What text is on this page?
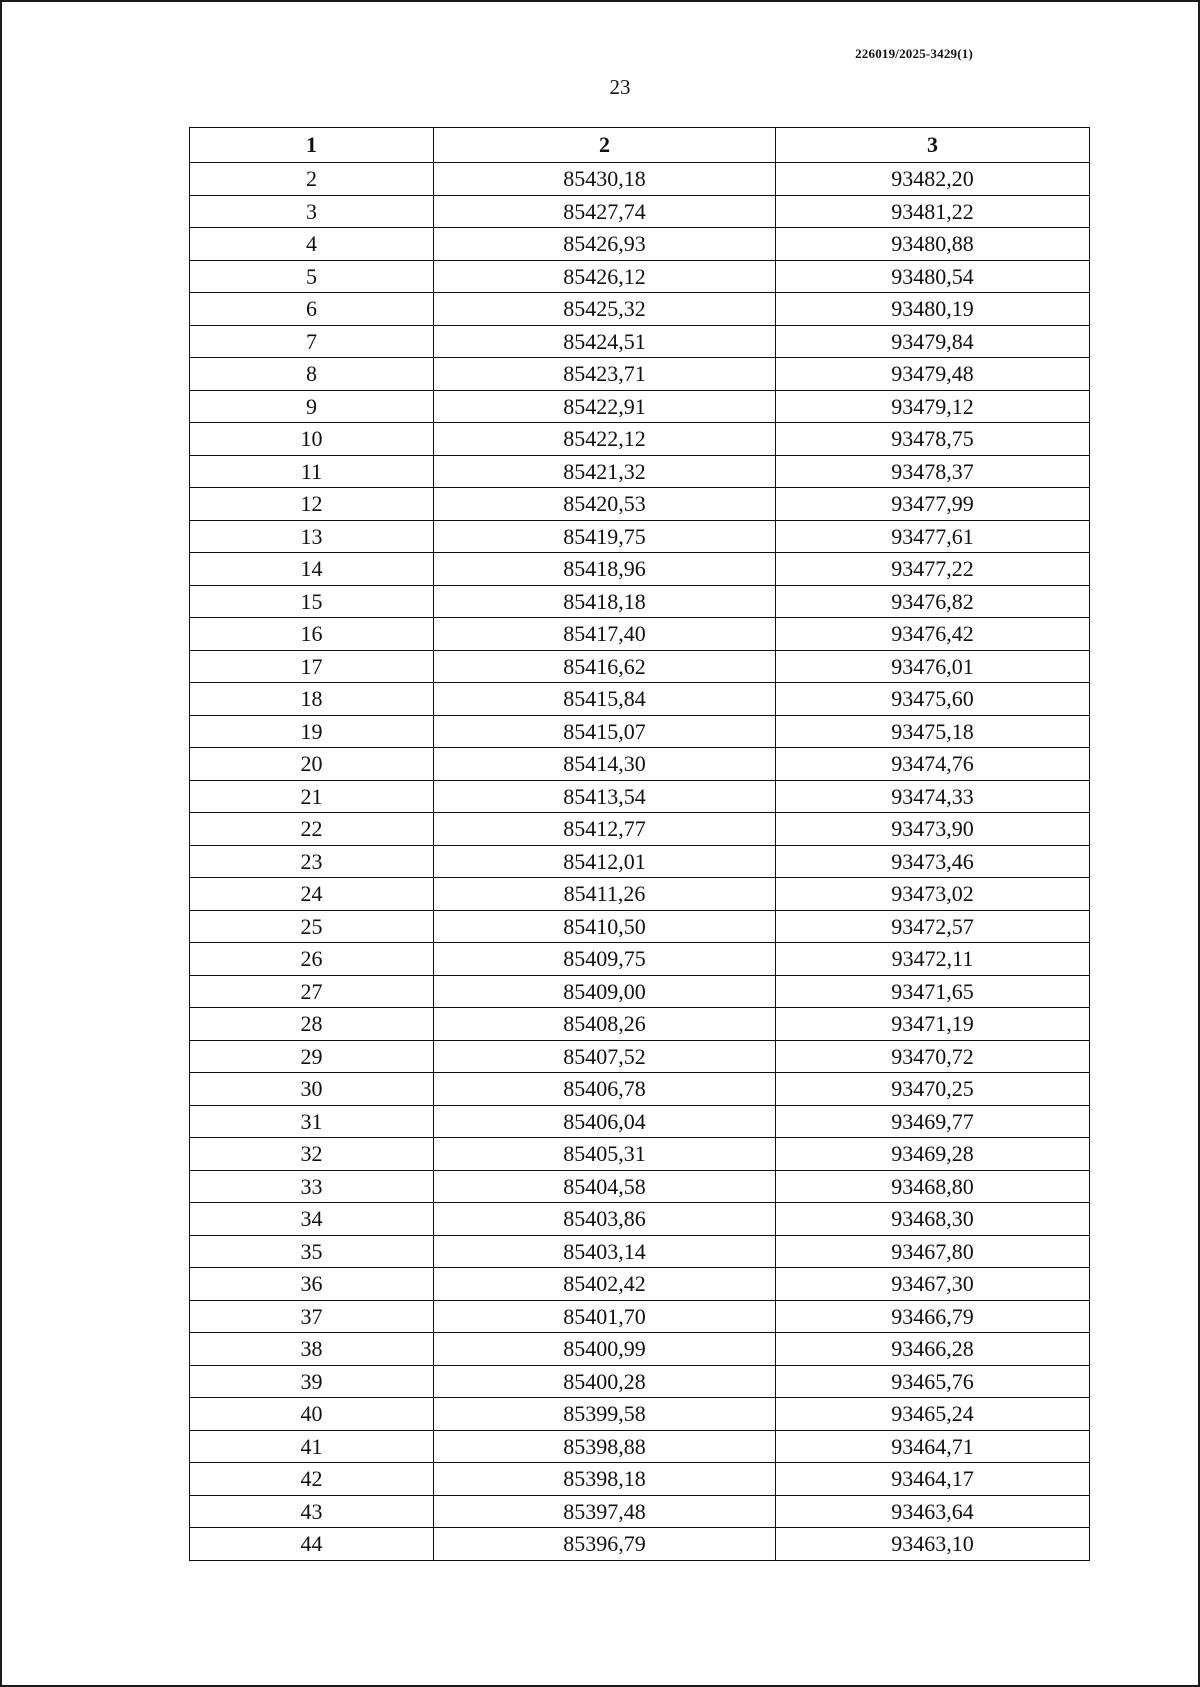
226019/2025-3429(1)
23
1	2	3
2	85430,18	93482,20
3	85427,74	93481,22
4	85426,93	93480,88
5	85426,12	93480,54
6	85425,32	93480,19
7	85424,51	93479,84
8	85423,71	93479,48
9	85422,91	93479,12
10	85422,12	93478,75
11	85421,32	93478,37
12	85420,53	93477,99
13	85419,75	93477,61
14	85418,96	93477,22
15	85418,18	93476,82
16	85417,40	93476,42
17	85416,62	93476,01
18	85415,84	93475,60
19	85415,07	93475,18
20	85414,30	93474,76
21	85413,54	93474,33
22	85412,77	93473,90
23	85412,01	93473,46
24	85411,26	93473,02
25	85410,50	93472,57
26	85409,75	93472,11
27	85409,00	93471,65
28	85408,26	93471,19
29	85407,52	93470,72
30	85406,78	93470,25
31	85406,04	93469,77
32	85405,31	93469,28
33	85404,58	93468,80
34	85403,86	93468,30
35	85403,14	93467,80
36	85402,42	93467,30
37	85401,70	93466,79
38	85400,99	93466,28
39	85400,28	93465,76
40	85399,58	93465,24
41	85398,88	93464,71
42	85398,18	93464,17
43	85397,48	93463,64
44	85396,79	93463,10
